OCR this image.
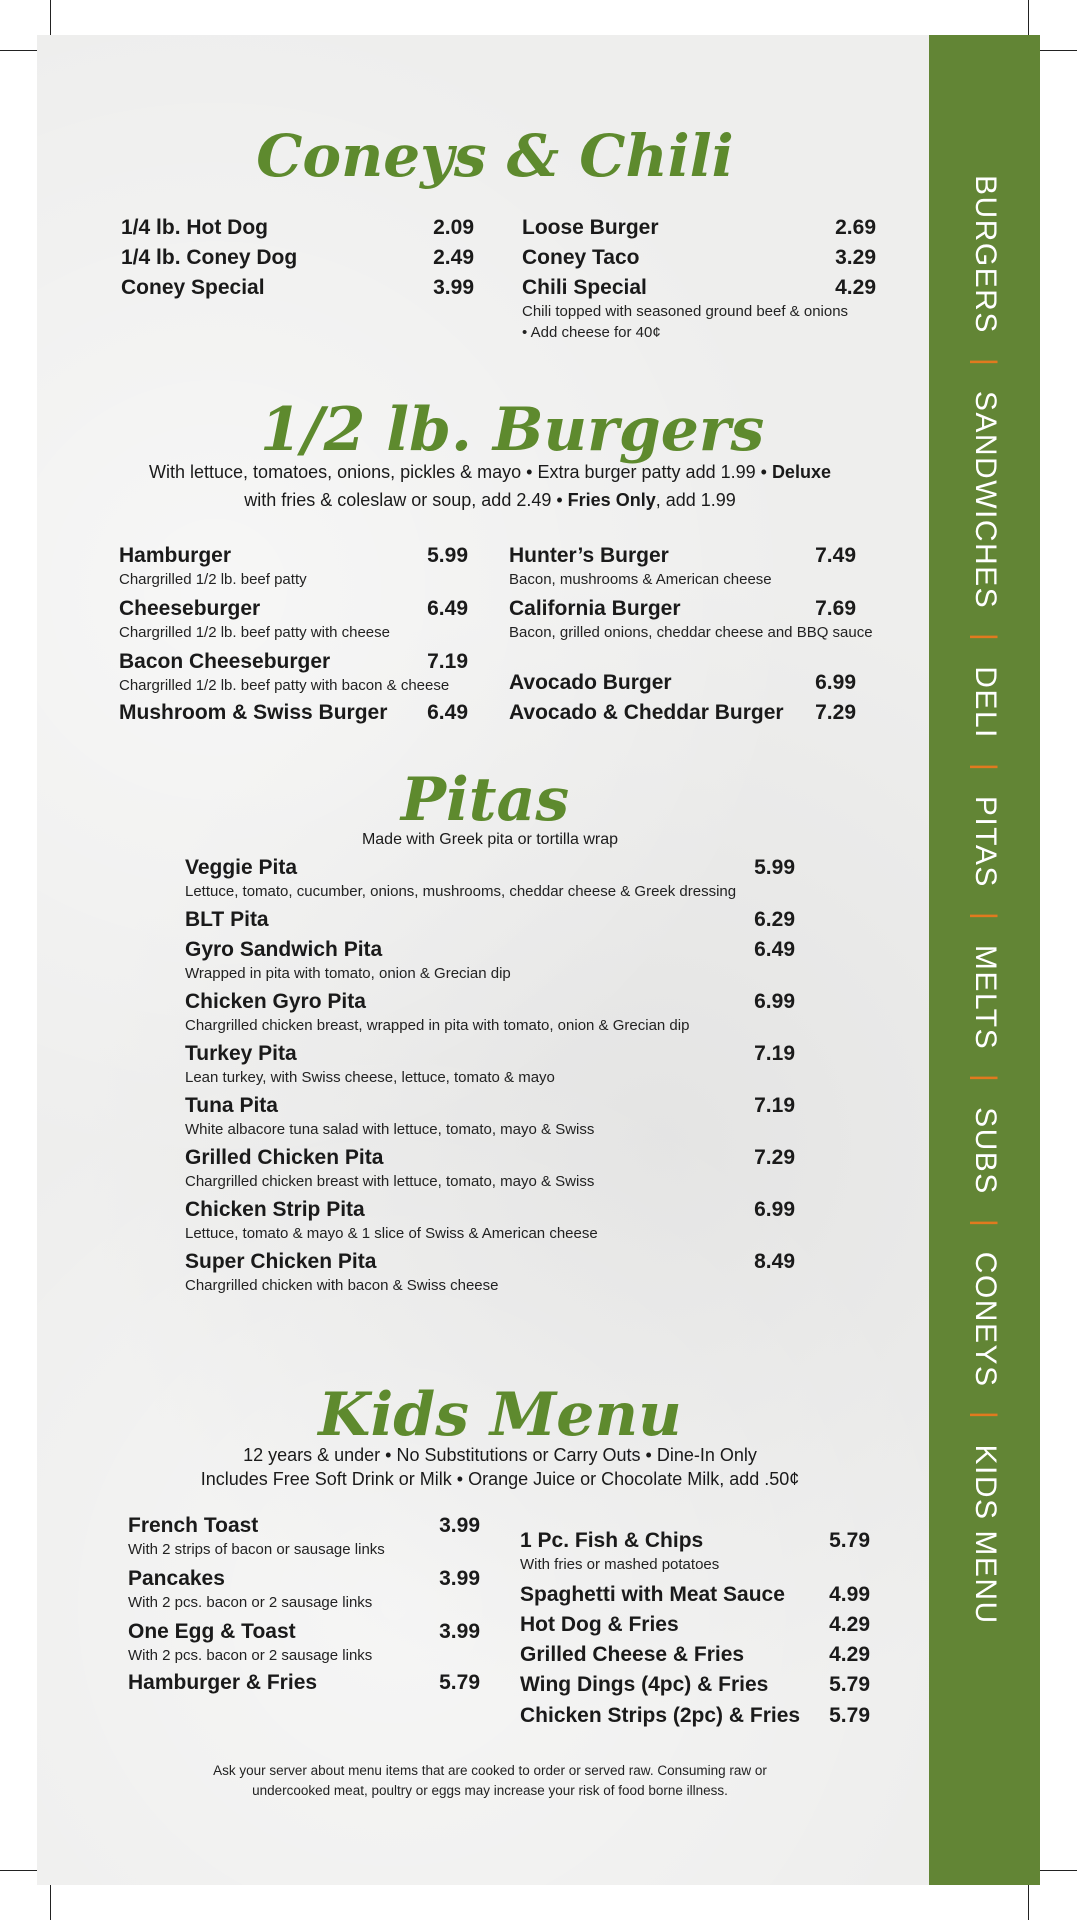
BURGERS | SANDWICHES | DELI | PITAS | MELTS | SUBS | CONEYS | KIDS MENU
Coneys & Chili
1/4 lb. Hot Dog	2.09
1/4 lb. Coney Dog	2.49
Coney Special	3.99
Loose Burger	2.69
Coney Taco	3.29
Chili Special	4.29
Chili topped with seasoned ground beef & onions
• Add cheese for 40¢
1/2 lb. Burgers
With lettuce, tomatoes, onions, pickles & mayo • Extra burger patty add 1.99 • Deluxe
with fries & coleslaw or soup, add 2.49 • Fries Only, add 1.99
Hamburger	5.99
Chargrilled 1/2 lb. beef patty
Cheeseburger	6.49
Chargrilled 1/2 lb. beef patty with cheese
Bacon Cheeseburger	7.19
Chargrilled 1/2 lb. beef patty with bacon & cheese
Mushroom & Swiss Burger	6.49
Hunter’s Burger	7.49
Bacon, mushrooms & American cheese
California Burger	7.69
Bacon, grilled onions, cheddar cheese and BBQ sauce
Avocado Burger	6.99
Avocado & Cheddar Burger	7.29
Pitas
Made with Greek pita or tortilla wrap
Veggie Pita	5.99
Lettuce, tomato, cucumber, onions, mushrooms, cheddar cheese & Greek dressing
BLT Pita	6.29
Gyro Sandwich Pita	6.49
Wrapped in pita with tomato, onion & Grecian dip
Chicken Gyro Pita	6.99
Chargrilled chicken breast, wrapped in pita with tomato, onion & Grecian dip
Turkey Pita	7.19
Lean turkey, with Swiss cheese, lettuce, tomato & mayo
Tuna Pita	7.19
White albacore tuna salad with lettuce, tomato, mayo & Swiss
Grilled Chicken Pita	7.29
Chargrilled chicken breast with lettuce, tomato, mayo & Swiss
Chicken Strip Pita	6.99
Lettuce, tomato & mayo & 1 slice of Swiss & American cheese
Super Chicken Pita	8.49
Chargrilled chicken with bacon & Swiss cheese
Kids Menu
12 years & under • No Substitutions or Carry Outs • Dine-In Only
Includes Free Soft Drink or Milk • Orange Juice or Chocolate Milk, add .50¢
French Toast	3.99
With 2 strips of bacon or sausage links
Pancakes	3.99
With 2 pcs. bacon or 2 sausage links
One Egg & Toast	3.99
With 2 pcs. bacon or 2 sausage links
Hamburger & Fries	5.79
1 Pc. Fish & Chips	5.79
With fries or mashed potatoes
Spaghetti with Meat Sauce	4.99
Hot Dog & Fries	4.29
Grilled Cheese & Fries	4.29
Wing Dings (4pc) & Fries	5.79
Chicken Strips (2pc) & Fries	5.79
Ask your server about menu items that are cooked to order or served raw. Consuming raw or
undercooked meat, poultry or eggs may increase your risk of food borne illness.
